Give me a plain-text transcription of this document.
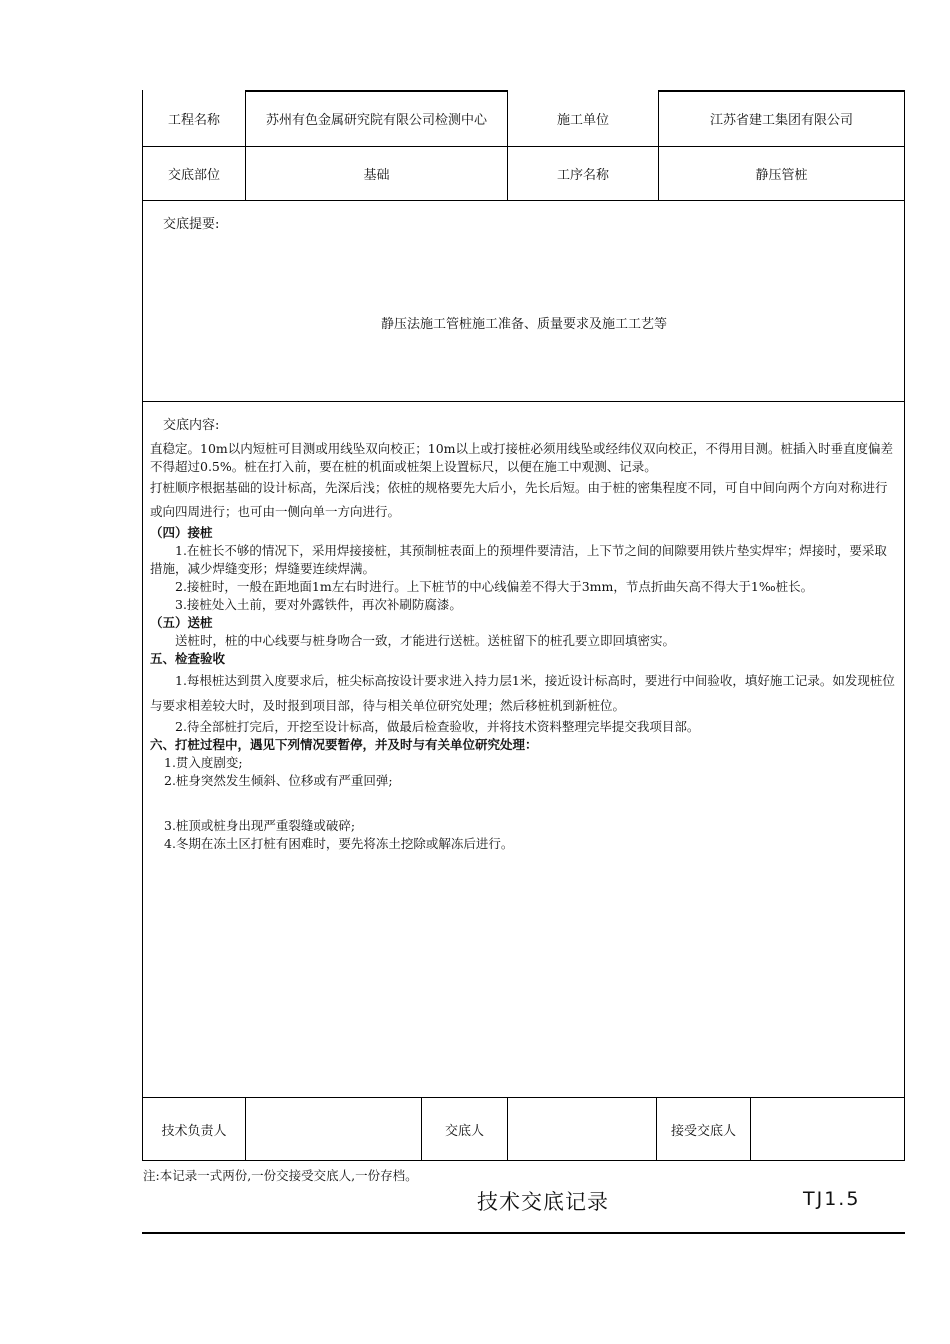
工程名称	苏州有色金属研究院有限公司检测中心	施工单位	江苏省建工集团有限公司
交底部位	基础	工序名称	静压管桩
交底提要:
静压法施工管桩施工准备、质量要求及施工工艺等
交底内容:

直稳定。10m以内短桩可目测或用线坠双向校正；10m以上或打接桩必须用线坠或经纬仪双向校正，不得用目测。桩插入时垂直度偏差不得超过0.5%。桩在打入前，要在桩的机面或桩架上设置标尺，以便在施工中观测、记录。

打桩顺序根据基础的设计标高，先深后浅；依桩的规格要先大后小，先长后短。由于桩的密集程度不同，可自中间向两个方向对称进行或向四周进行；也可由一侧向单一方向进行。

（四）接桩

1.在桩长不够的情况下，采用焊接接桩，其预制桩表面上的预埋件要清洁，上下节之间的间隙要用铁片垫实焊牢；焊接时，要采取措施，减少焊缝变形；焊缝要连续焊满。

2.接桩时，一般在距地面1m左右时进行。上下桩节的中心线偏差不得大于3mm，节点折曲矢高不得大于1‰桩长。

3.接桩处入土前，要对外露铁件，再次补刷防腐漆。

（五）送桩

送桩时，桩的中心线要与桩身吻合一致，才能进行送桩。送桩留下的桩孔要立即回填密实。

五、检查验收

1.每根桩达到贯入度要求后，桩尖标高按设计要求进入持力层1米，接近设计标高时，要进行中间验收，填好施工记录。如发现桩位与要求相差较大时，及时报到项目部，待与相关单位研究处理；然后移桩机到新桩位。

2.待全部桩打完后，开挖至设计标高，做最后检查验收，并将技术资料整理完毕提交我项目部。

六、打桩过程中，遇见下列情况要暂停，并及时与有关单位研究处理：

1.贯入度剧变;

2.桩身突然发生倾斜、位移或有严重回弹;

3.桩顶或桩身出现严重裂缝或破碎;

4.冬期在冻土区打桩有困难时，要先将冻土挖除或解冻后进行。

技术负责人	交底人	接受交底人
注:本记录一式两份,一份交接受交底人,一份存档。
技术交底记录	TJ1.5
